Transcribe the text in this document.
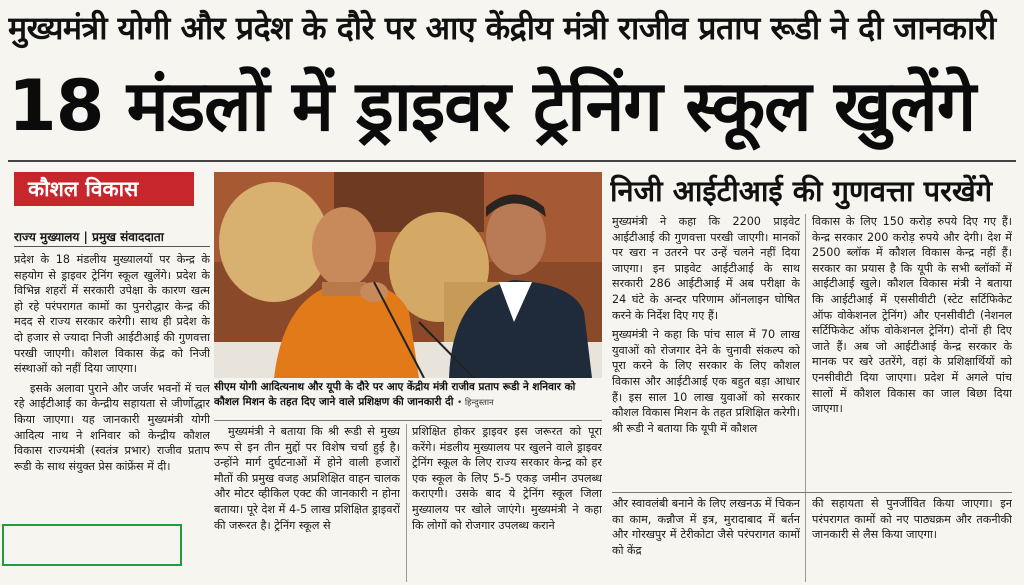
मुख्यमंत्री योगी और प्रदेश के दौरे पर आए केंद्रीय मंत्री राजीव प्रताप रूडी ने दी जानकारी
18 मंडलों में ड्राइवर ट्रेनिंग स्कूल खुलेंगे
कौशल विकास
राज्य मुख्यालय | प्रमुख संवाददाता
प्रदेश के 18 मंडलीय मुख्यालयों पर केन्द्र के सहयोग से ड्राइवर ट्रेनिंग स्कूल खुलेंगे। प्रदेश के विभिन्न शहरों में सरकारी उपेक्षा के कारण खत्म हो रहे परंपरागत कामों का पुनरोद्धार केन्द्र की मदद से राज्य सरकार करेगी। साथ ही प्रदेश के दो हजार से ज्यादा निजी आईटीआई की गुणवत्ता परखी जाएगी। कौशल विकास केंद्र को निजी संस्थाओं को नहीं दिया जाएगा।
इसके अलावा पुराने और जर्जर भवनों में चल रहे आईटीआई का केन्द्रीय सहायता से जीर्णोद्धार किया जाएगा। यह जानकारी मुख्यमंत्री योगी आदित्य नाथ ने शनिवार को केन्द्रीय कौशल विकास राज्यमंत्री (स्वतंत्र प्रभार) राजीव प्रताप रूडी के साथ संयुक्त प्रेस कांफ्रेंस में दी।
सीएम योगी आदित्यनाथ और यूपी के दौरे पर आए केंद्रीय मंत्री राजीव प्रताप रूडी ने शनिवार को कौशल मिशन के तहत दिए जाने वाले प्रशिक्षण की जानकारी दी • हिन्दुस्तान
मुख्यमंत्री ने बताया कि श्री रूडी से मुख्य रूप से इन तीन मुद्दों पर विशेष चर्चा हुई है। उन्होंने मार्ग दुर्घटनाओं में होने वाली हजारों मौतों की प्रमुख वजह अप्रशिक्षित वाहन चालक और मोटर व्हीकिल एक्ट की जानकारी न होना बताया। पूरे देश में 4-5 लाख प्रशिक्षित ड्राइवरों की जरूरत है। ट्रेनिंग स्कूल से
प्रशिक्षित होकर ड्राइवर इस जरूरत को पूरा करेंगे। मंडलीय मुख्यालय पर खुलने वाले ड्राइवर ट्रेनिंग स्कूल के लिए राज्य सरकार केन्द्र को हर एक स्कूल के लिए 5-5 एकड़ जमीन उपलब्ध कराएगी। उसके बाद ये ट्रेनिंग स्कूल जिला मुख्यालय पर खोले जाएंगे। मुख्यमंत्री ने कहा कि लोगों को रोजगार उपलब्ध कराने
निजी आईटीआई की गुणवत्ता परखेंगे
मुख्यमंत्री ने कहा कि 2200 प्राइवेट आईटीआई की गुणवत्ता परखी जाएगी। मानकों पर खरा न उतरने पर उन्हें चलने नहीं दिया जाएगा। इन प्राइवेट आईटीआई के साथ सरकारी 286 आईटीआई में अब परीक्षा के 24 घंटे के अन्दर परिणाम ऑनलाइन घोषित करने के निर्देश दिए गए हैं।
मुख्यमंत्री ने कहा कि पांच साल में 70 लाख युवाओं को रोजगार देने के चुनावी संकल्प को पूरा करने के लिए सरकार के लिए कौशल विकास और आईटीआई एक बहुत बड़ा आधार हैं। इस साल 10 लाख युवाओं को सरकार कौशल विकास मिशन के तहत प्रशिक्षित करेगी। श्री रूडी ने बताया कि यूपी में कौशल
विकास के लिए 150 करोड़ रुपये दिए गए हैं। केन्द्र सरकार 200 करोड़ रुपये और देगी। देश में 2500 ब्लॉक में कौशल विकास केन्द्र नहीं हैं। सरकार का प्रयास है कि यूपी के सभी ब्लॉकों में आईटीआई खुले। कौशल विकास मंत्री ने बताया कि आईटीआई में एससीवीटी (स्टेट सर्टिफिकेट ऑफ वोकेशनल ट्रेनिंग) और एनसीवीटी (नेशनल सर्टिफिकेट ऑफ वोकेशनल ट्रेनिंग) दोनों ही दिए जाते हैं। अब जो आईटीआई केन्द्र सरकार के मानक पर खरे उतरेंगे, वहां के प्रशिक्षार्थियों को एनसीवीटी दिया जाएगा। प्रदेश में अगले पांच सालों में कौशल विकास का जाल बिछा दिया जाएगा।
और स्वावलंबी बनाने के लिए लखनऊ में चिकन का काम, कन्नौज में इत्र, मुरादाबाद में बर्तन और गोरखपुर में टेरीकोटा जैसे परंपरागत कामों को केंद्र
की सहायता से पुनर्जीवित किया जाएगा। इन परंपरागत कामों को नए पाठ्यक्रम और तकनीकी जानकारी से लैस किया जाएगा।
